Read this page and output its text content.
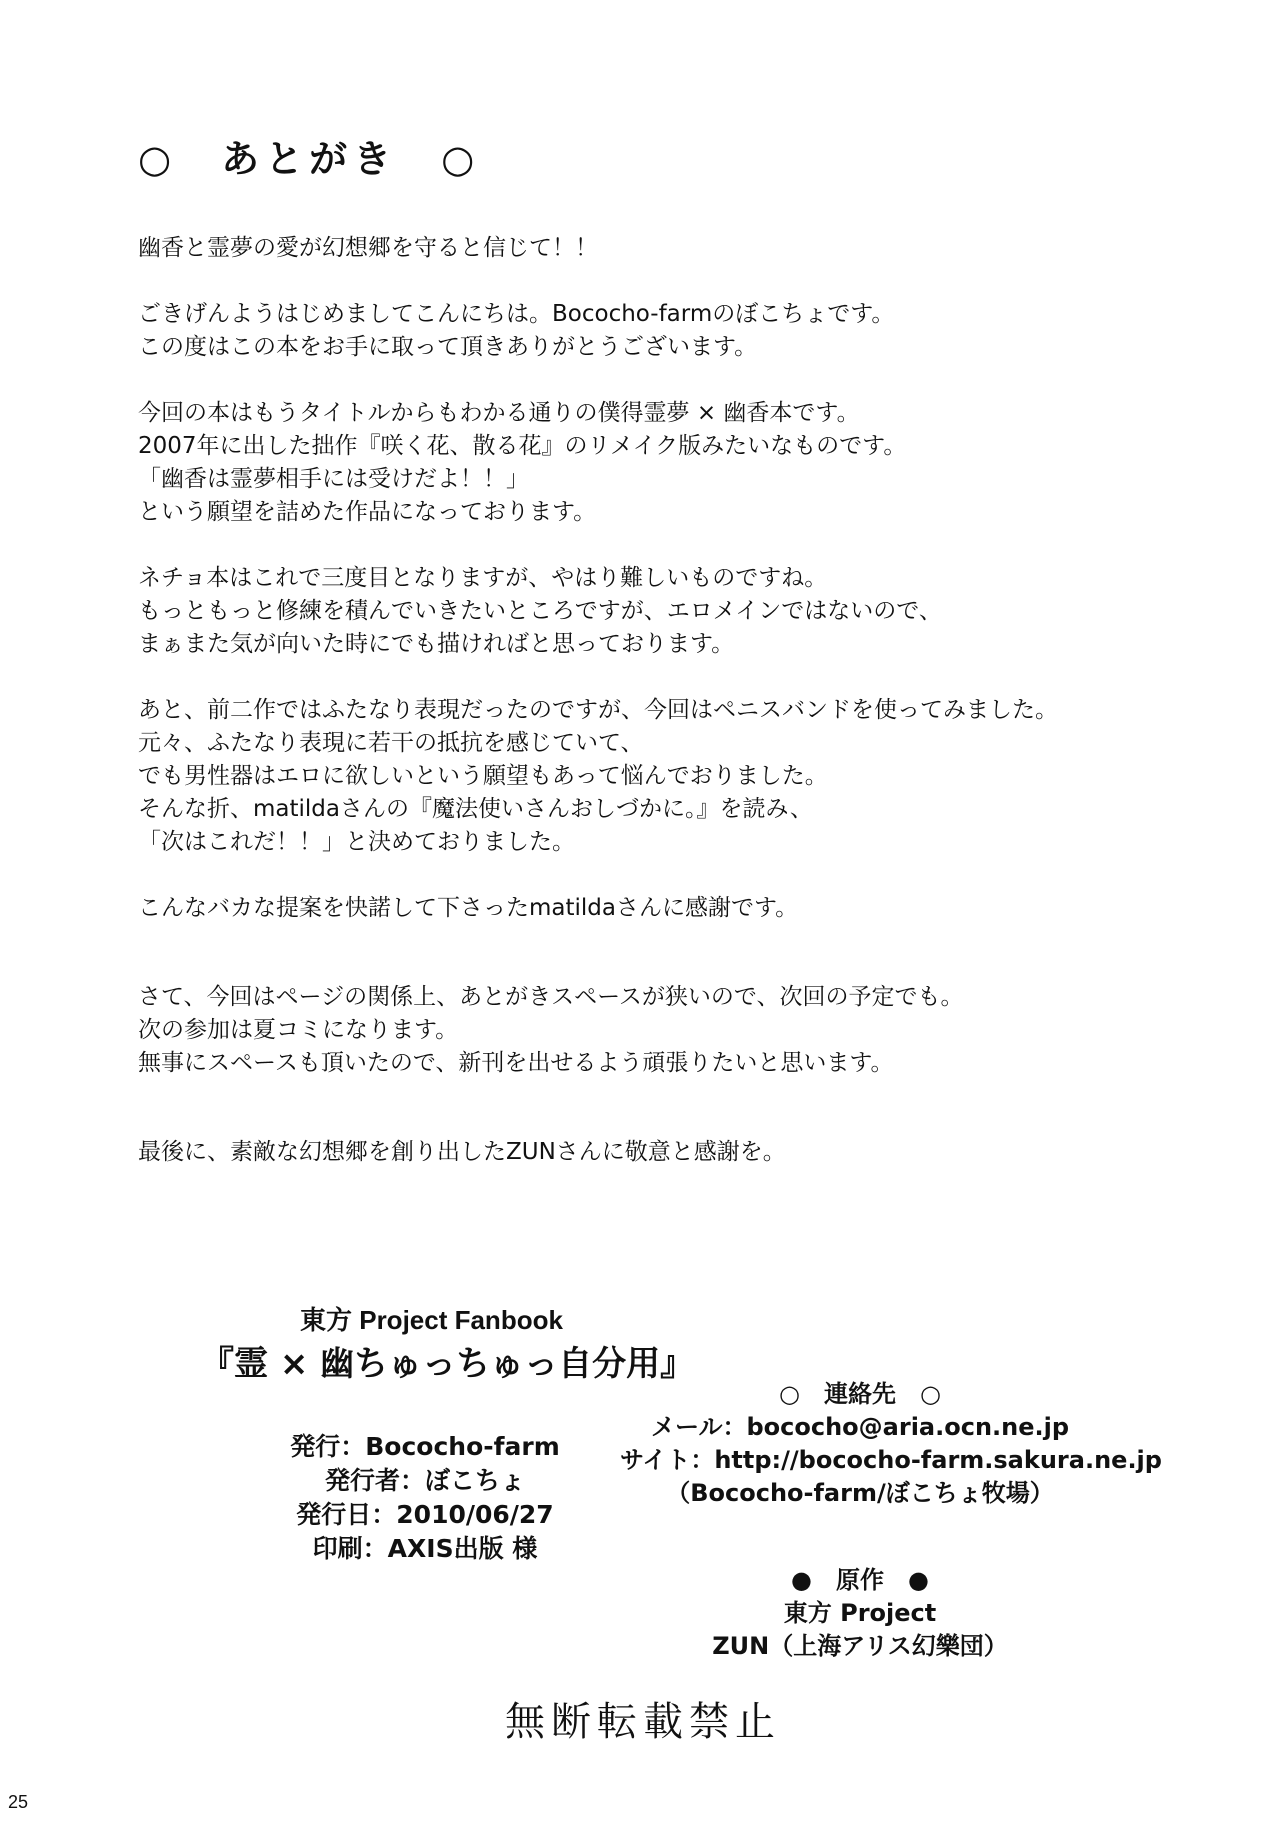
○　あとがき　○

幽香と霊夢の愛が幻想郷を守ると信じて！！

ごきげんようはじめましてこんにちは。Bococho-farmのぼこちょです。
この度はこの本をお手に取って頂きありがとうございます。

今回の本はもうタイトルからもわかる通りの僕得霊夢 × 幽香本です。
2007年に出した拙作『咲く花、散る花』のリメイク版みたいなものです。
「幽香は霊夢相手には受けだよ！！」
という願望を詰めた作品になっております。

ネチョ本はこれで三度目となりますが、やはり難しいものですね。
もっともっと修練を積んでいきたいところですが、エロメインではないので、
まぁまた気が向いた時にでも描ければと思っております。

あと、前二作ではふたなり表現だったのですが、今回はペニスバンドを使ってみました。
元々、ふたなり表現に若干の抵抗を感じていて、
でも男性器はエロに欲しいという願望もあって悩んでおりました。
そんな折、matildaさんの『魔法使いさんおしづかに。』を読み、
「次はこれだ！！」と決めておりました。

こんなバカな提案を快諾して下さったmatildaさんに感謝です。

さて、今回はページの関係上、あとがきスペースが狭いので、次回の予定でも。
次の参加は夏コミになります。
無事にスペースも頂いたので、新刊を出せるよう頑張りたいと思います。

最後に、素敵な幻想郷を創り出したZUNさんに敬意と感謝を。

東方 Project Fanbook
『霊 × 幽ちゅっちゅっ自分用』
発行：Bococho-farm
発行者：ぼこちょ
発行日：2010/06/27
印刷：AXIS出版 様
○　連絡先　○
メール：bococho@aria.ocn.ne.jp
サイト：http://bococho-farm.sakura.ne.jp
（Bococho-farm/ぼこちょ牧場）
●　原作　●
東方 Project
ZUN（上海アリス幻樂団）
無断転載禁止
25
